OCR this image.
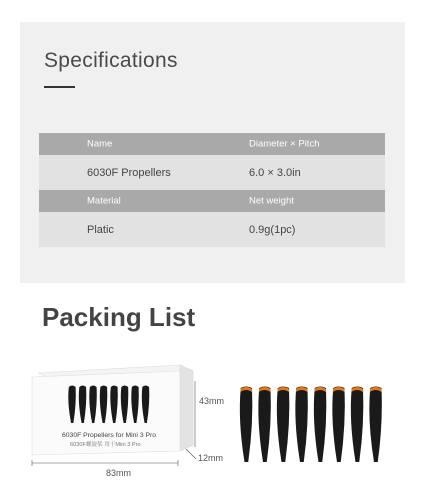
Specifications
Name	Diameter × Pitch
6030F Propellers	6.0 × 3.0in
Material	Net weight
Platic	0.9g(1pc)
Packing List
6030F Propellers for Mini 3 Pro
6030F螺旋桨 用于Mini 3 Pro
43mm
12mm
83mm
